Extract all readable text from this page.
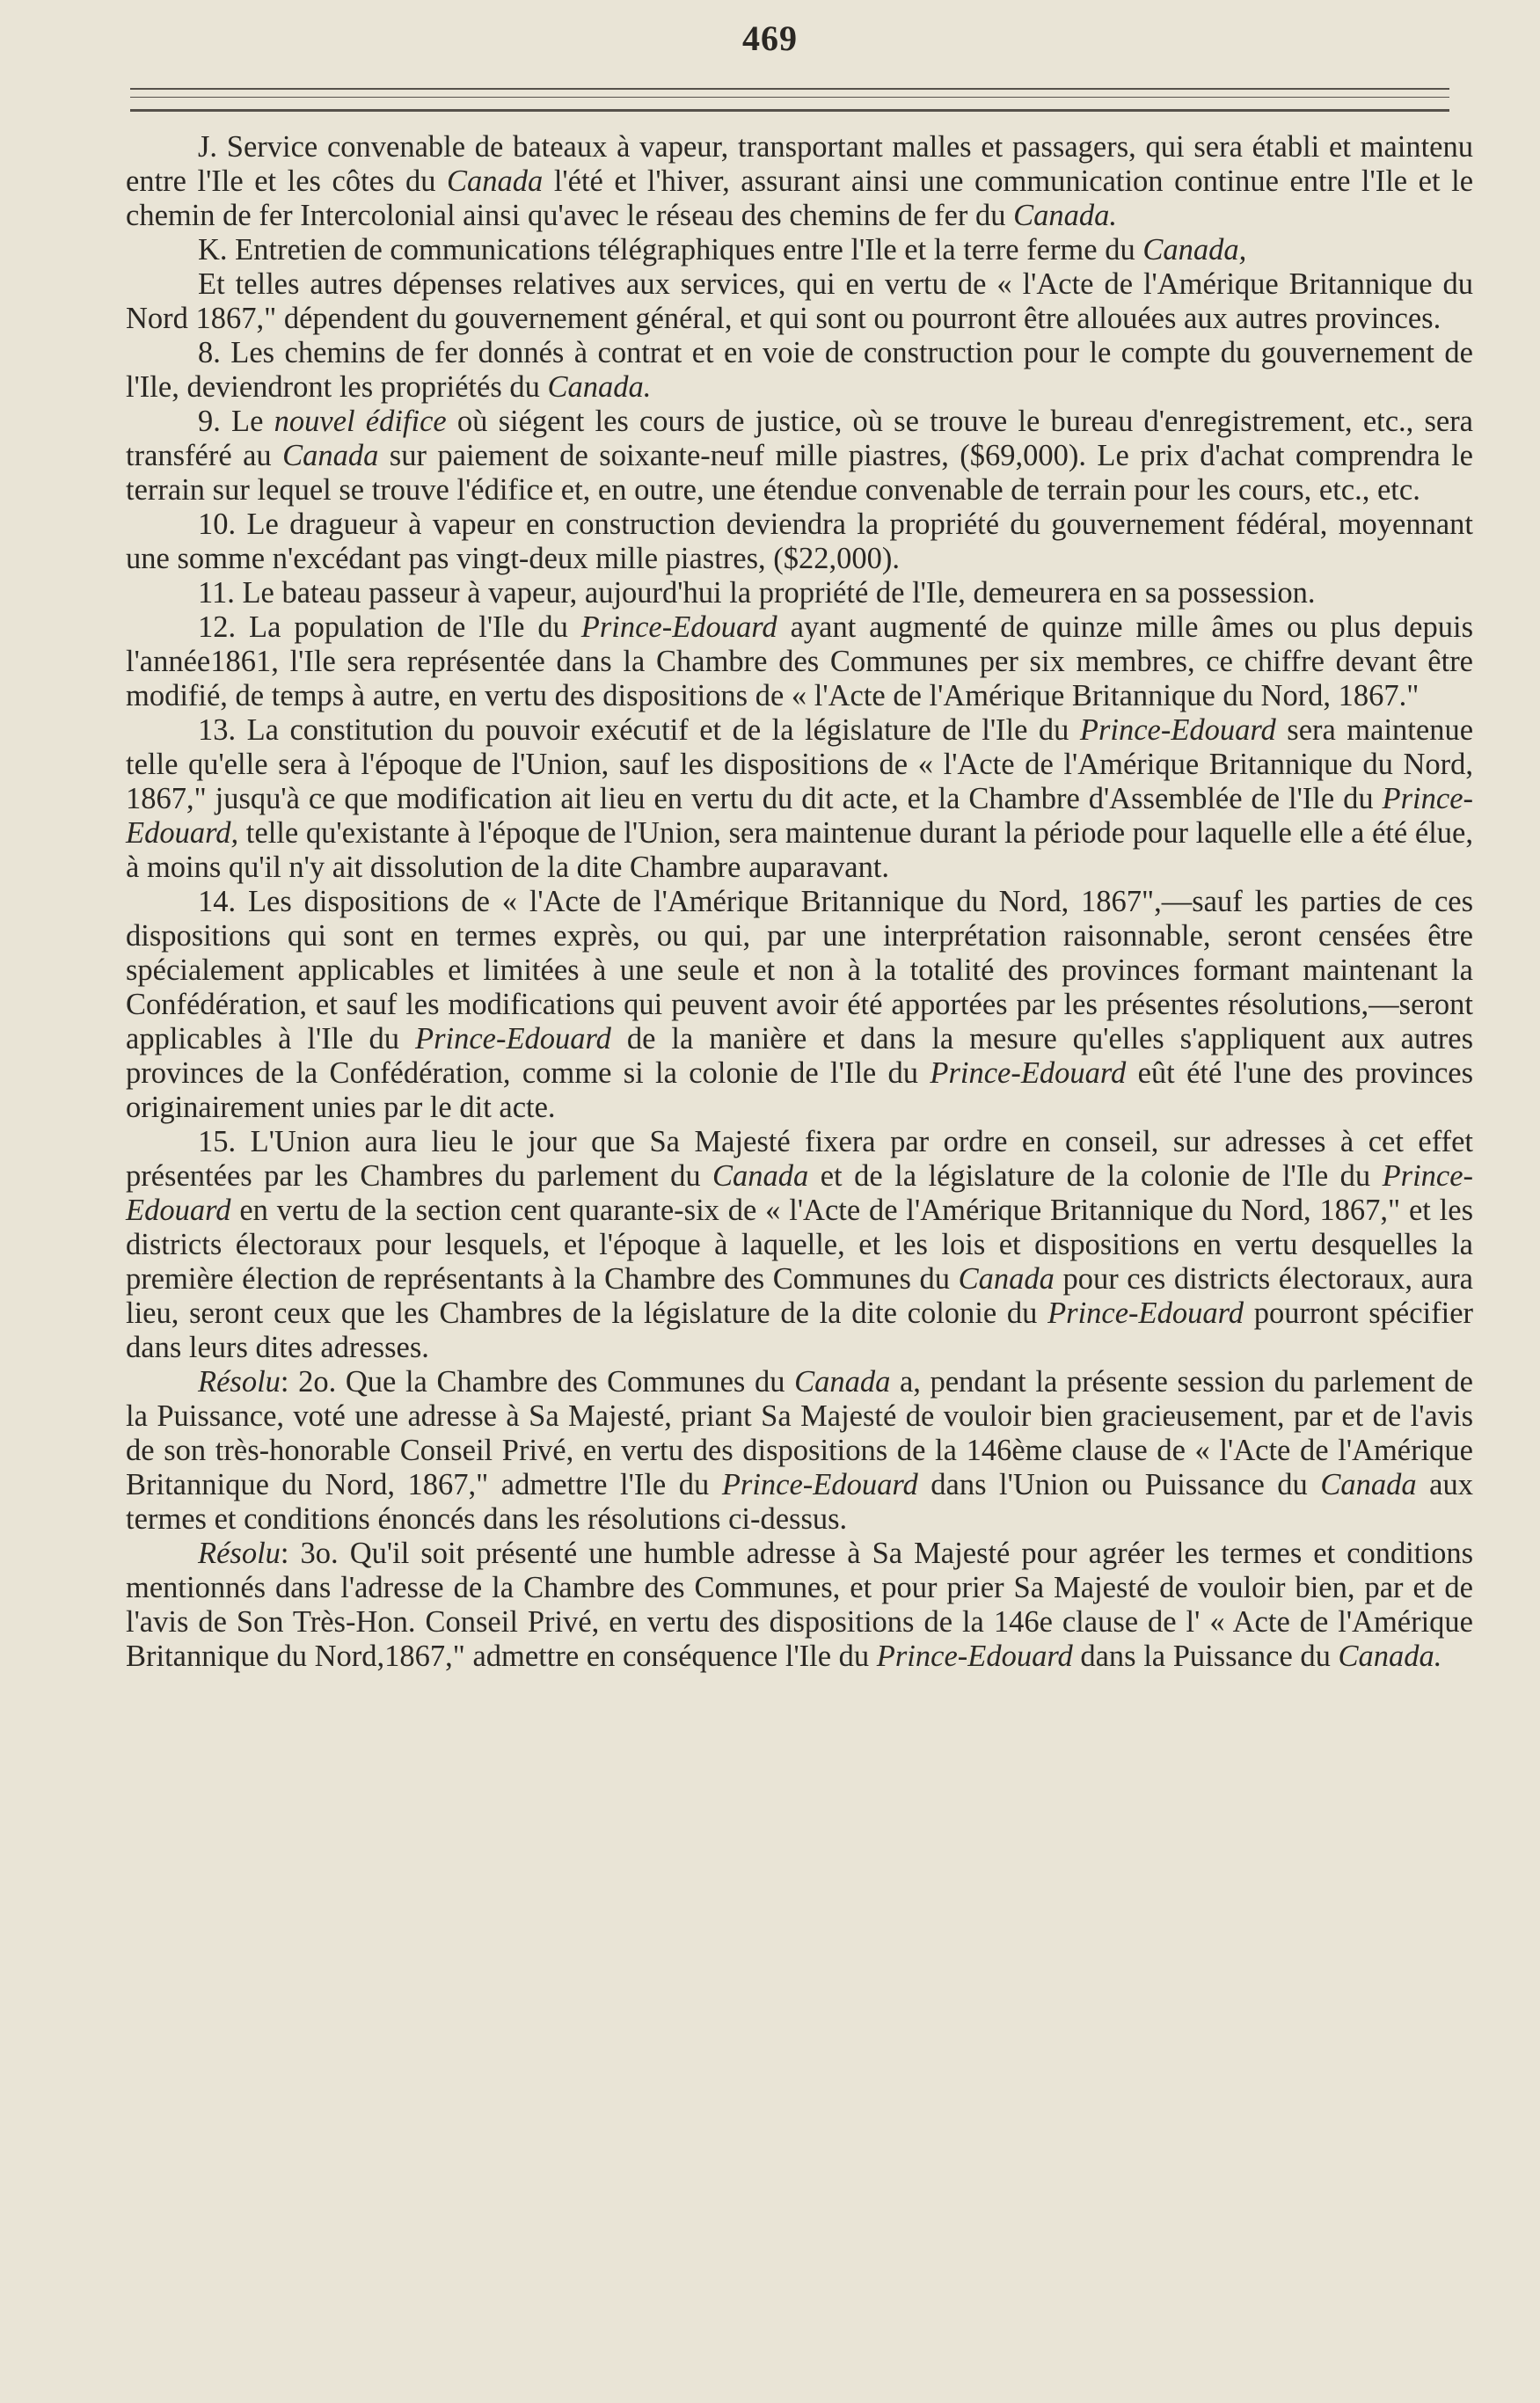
469

J. Service convenable de bateaux à vapeur, transportant malles et passagers, qui sera établi et maintenu entre l'Ile et les côtes du Canada l'été et l'hiver, assurant ainsi une communication continue entre l'Ile et le chemin de fer Intercolonial ainsi qu'avec le réseau des chemins de fer du Canada.

K. Entretien de communications télégraphiques entre l'Ile et la terre ferme du Canada,

Et telles autres dépenses relatives aux services, qui en vertu de « l'Acte de l'Amérique Britannique du Nord 1867," dépendent du gouvernement général, et qui sont ou pourront être allouées aux autres provinces.

8. Les chemins de fer donnés à contrat et en voie de construction pour le compte du gouvernement de l'Ile, deviendront les propriétés du Canada.

9. Le nouvel édifice où siégent les cours de justice, où se trouve le bureau d'enregistrement, etc., sera transféré au Canada sur paiement de soixante-neuf mille piastres, ($69,000). Le prix d'achat comprendra le terrain sur lequel se trouve l'édifice et, en outre, une étendue convenable de terrain pour les cours, etc., etc.

10. Le dragueur à vapeur en construction deviendra la propriété du gouvernement fédéral, moyennant une somme n'excédant pas vingt-deux mille piastres, ($22,000).

11. Le bateau passeur à vapeur, aujourd'hui la propriété de l'Ile, demeurera en sa possession.

12. La population de l'Ile du Prince-Edouard ayant augmenté de quinze mille âmes ou plus depuis l'année1861, l'Ile sera représentée dans la Chambre des Communes per six membres, ce chiffre devant être modifié, de temps à autre, en vertu des dispositions de « l'Acte de l'Amérique Britannique du Nord, 1867."

13. La constitution du pouvoir exécutif et de la législature de l'Ile du Prince-Edouard sera maintenue telle qu'elle sera à l'époque de l'Union, sauf les dispositions de « l'Acte de l'Amérique Britannique du Nord, 1867," jusqu'à ce que modification ait lieu en vertu du dit acte, et la Chambre d'Assemblée de l'Ile du Prince-Edouard, telle qu'existante à l'époque de l'Union, sera maintenue durant la période pour laquelle elle a été élue, à moins qu'il n'y ait dissolution de la dite Chambre auparavant.

14. Les dispositions de « l'Acte de l'Amérique Britannique du Nord, 1867",—sauf les parties de ces dispositions qui sont en termes exprès, ou qui, par une interprétation raisonnable, seront censées être spécialement applicables et limitées à une seule et non à la totalité des provinces formant maintenant la Confédération, et sauf les modifications qui peuvent avoir été apportées par les présentes résolutions,—seront applicables à l'Ile du Prince-Edouard de la manière et dans la mesure qu'elles s'appliquent aux autres provinces de la Confédération, comme si la colonie de l'Ile du Prince-Edouard eût été l'une des provinces originairement unies par le dit acte.

15. L'Union aura lieu le jour que Sa Majesté fixera par ordre en conseil, sur adresses à cet effet présentées par les Chambres du parlement du Canada et de la législature de la colonie de l'Ile du Prince-Edouard en vertu de la section cent quarante-six de « l'Acte de l'Amérique Britannique du Nord, 1867," et les districts électoraux pour lesquels, et l'époque à laquelle, et les lois et dispositions en vertu desquelles la première élection de représentants à la Chambre des Communes du Canada pour ces districts électoraux, aura lieu, seront ceux que les Chambres de la législature de la dite colonie du Prince-Edouard pourront spécifier dans leurs dites adresses.

Résolu: 2o. Que la Chambre des Communes du Canada a, pendant la présente session du parlement de la Puissance, voté une adresse à Sa Majesté, priant Sa Majesté de vouloir bien gracieusement, par et de l'avis de son très-honorable Conseil Privé, en vertu des dispositions de la 146ème clause de « l'Acte de l'Amérique Britannique du Nord, 1867," admettre l'Ile du Prince-Edouard dans l'Union ou Puissance du Canada aux termes et conditions énoncés dans les résolutions ci-dessus.

Résolu: 3o. Qu'il soit présenté une humble adresse à Sa Majesté pour agréer les termes et conditions mentionnés dans l'adresse de la Chambre des Communes, et pour prier Sa Majesté de vouloir bien, par et de l'avis de Son Très-Hon. Conseil Privé, en vertu des dispositions de la 146e clause de l' « Acte de l'Amérique Britannique du Nord,1867," admettre en conséquence l'Ile du Prince-Edouard dans la Puissance du Canada.
